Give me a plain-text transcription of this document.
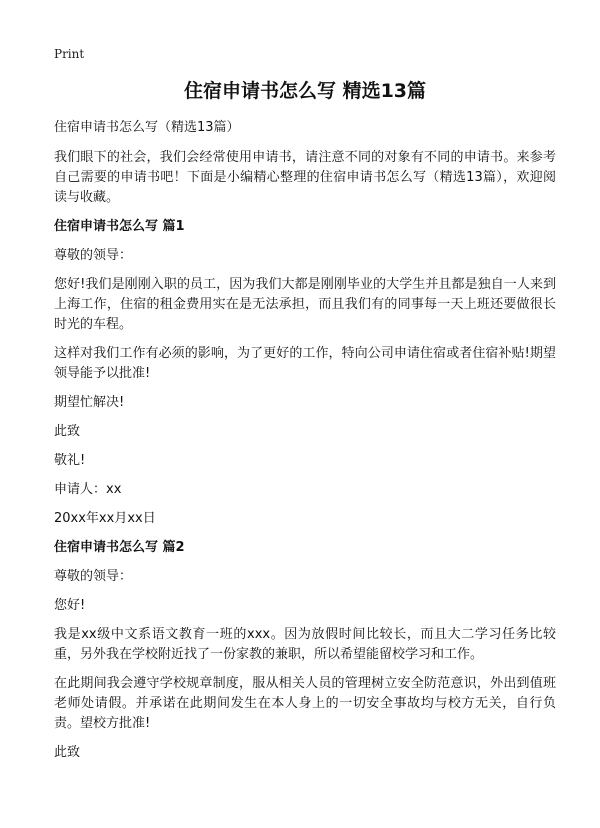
Print
住宿申请书怎么写 精选13篇
住宿申请书怎么写（精选13篇）
我们眼下的社会，我们会经常使用申请书，请注意不同的对象有不同的申请书。来参考自己需要的申请书吧！下面是小编精心整理的住宿申请书怎么写（精选13篇），欢迎阅读与收藏。
住宿申请书怎么写 篇1
尊敬的领导：
您好!我们是刚刚入职的员工，因为我们大都是刚刚毕业的大学生并且都是独自一人来到上海工作，住宿的租金费用实在是无法承担，而且我们有的同事每一天上班还要做很长时光的车程。
这样对我们工作有必须的影响，为了更好的工作，特向公司申请住宿或者住宿补贴!期望领导能予以批准!
期望忙解决!
此致
敬礼!
申请人：xx
20xx年xx月xx日
住宿申请书怎么写 篇2
尊敬的领导：
您好!
我是xx级中文系语文教育一班的xxx。因为放假时间比较长，而且大二学习任务比较重，另外我在学校附近找了一份家教的兼职，所以希望能留校学习和工作。
在此期间我会遵守学校规章制度，服从相关人员的管理树立安全防范意识，外出到值班老师处请假。并承诺在此期间发生在本人身上的一切安全事故均与校方无关，自行负责。望校方批准!
此致
